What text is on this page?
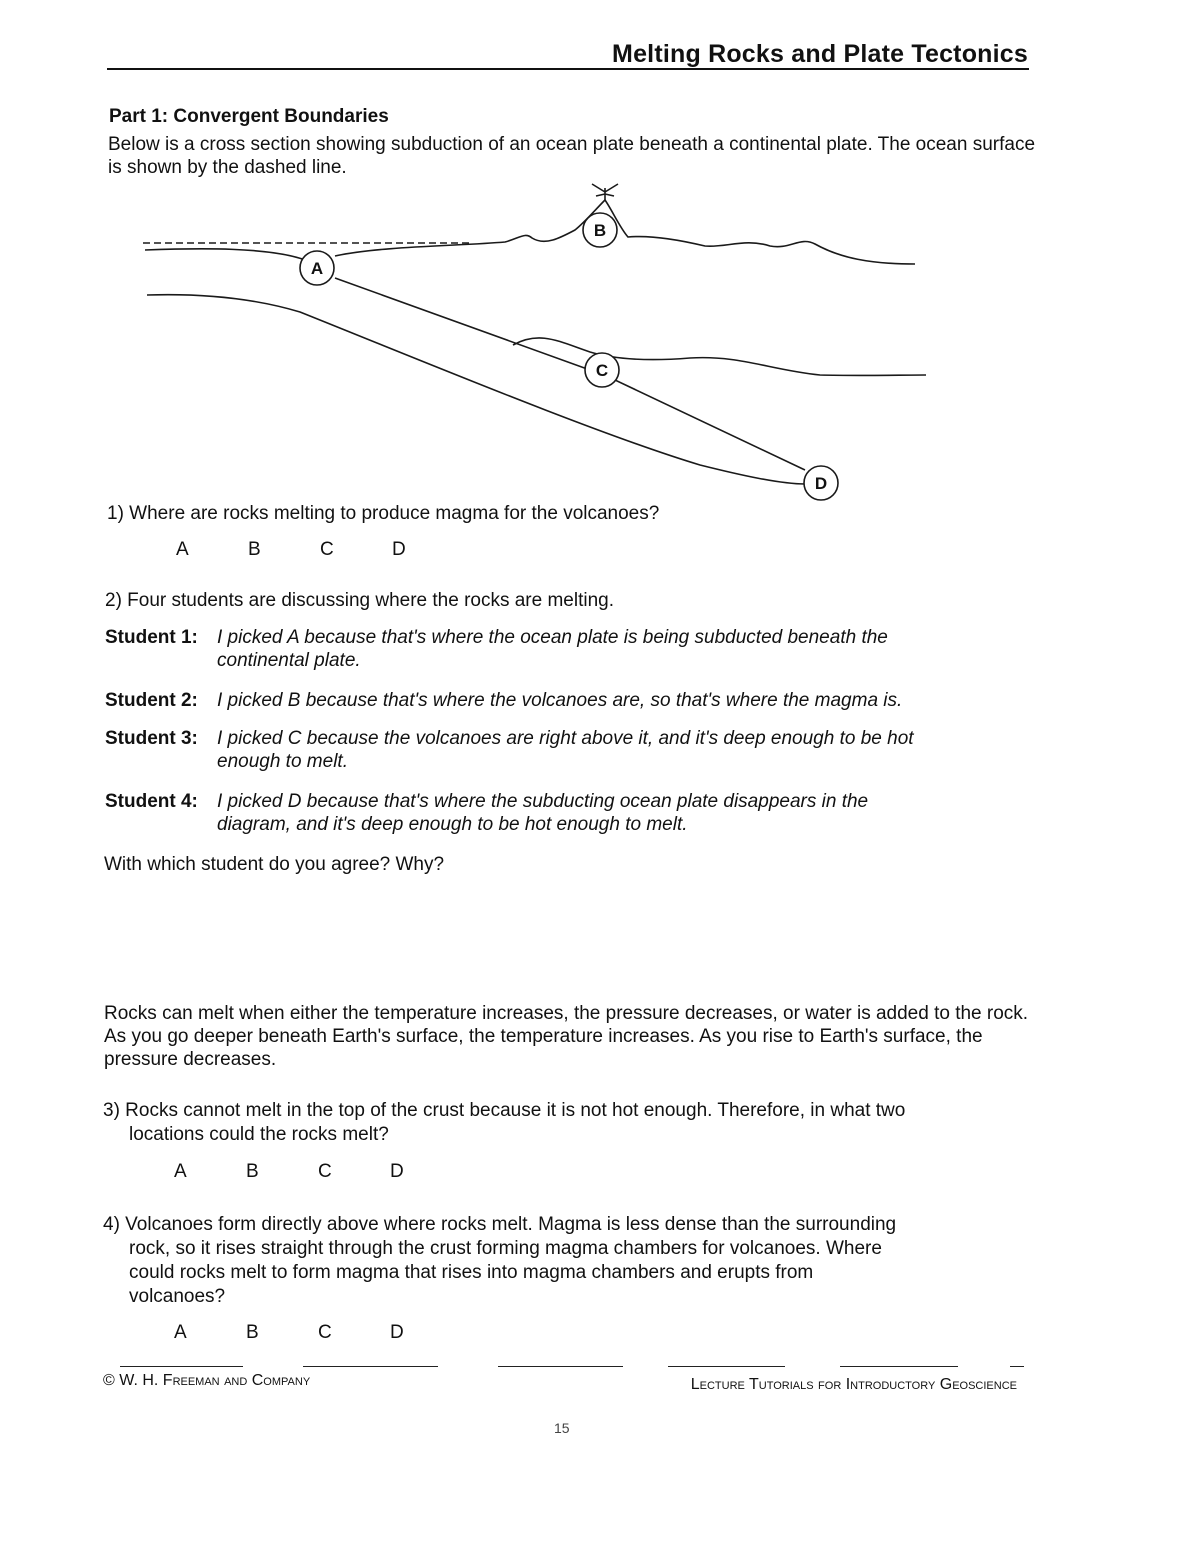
Melting Rocks and Plate Tectonics
Part 1: Convergent Boundaries
Below is a cross section showing subduction of an ocean plate beneath a continental plate. The ocean surface is shown by the dashed line.
A
B
C
D
1) Where are rocks melting to produce magma for the volcanoes?
A	B	C	D
2) Four students are discussing where the rocks are melting.
Student 1: I picked A because that's where the ocean plate is being subducted beneath the
continental plate.
Student 2: I picked B because that's where the volcanoes are, so that's where the magma is.
Student 3: I picked C because the volcanoes are right above it, and it's deep enough to be hot
enough to melt.
Student 4: I picked D because that's where the subducting ocean plate disappears in the
diagram, and it's deep enough to be hot enough to melt.
With which student do you agree? Why?
Rocks can melt when either the temperature increases, the pressure decreases, or water is added to the rock. As you go deeper beneath Earth's surface, the temperature increases. As you rise to Earth's surface, the pressure decreases.
3) Rocks cannot melt in the top of the crust because it is not hot enough. Therefore, in what two
locations could the rocks melt?
A	B	C	D
4) Volcanoes form directly above where rocks melt. Magma is less dense than the surrounding
rock, so it rises straight through the crust forming magma chambers for volcanoes. Where
could rocks melt to form magma that rises into magma chambers and erupts from
volcanoes?
A	B	C	D
© W. H. Freeman and Company	Lecture Tutorials for Introductory Geoscience
15
